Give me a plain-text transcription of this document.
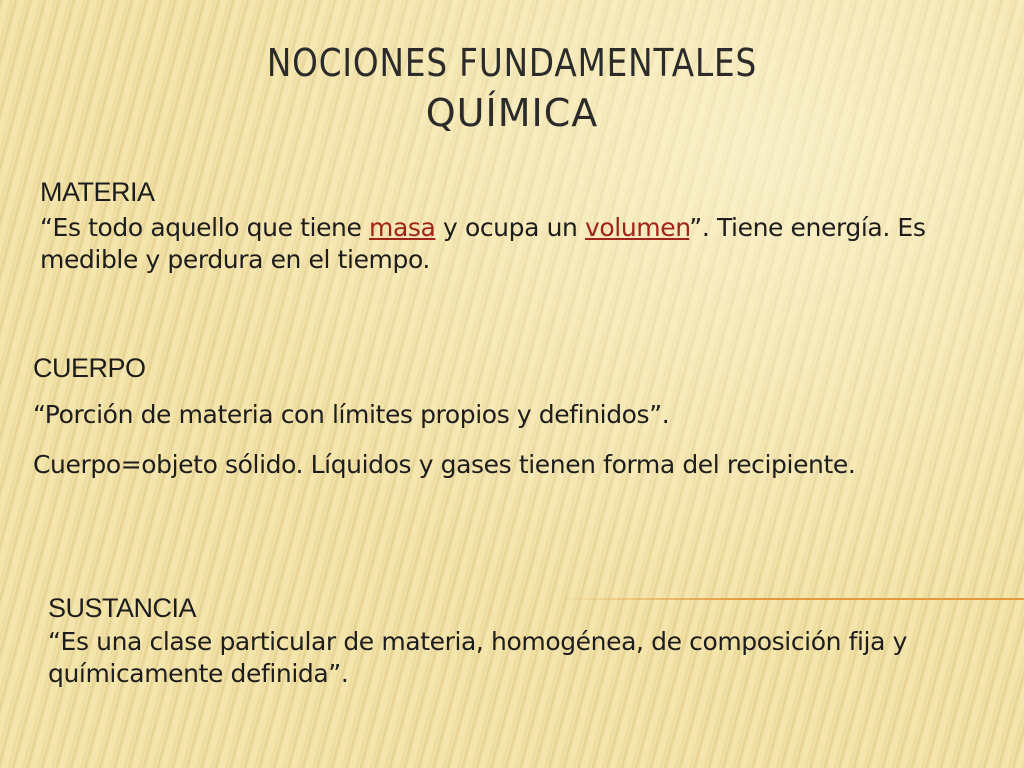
NOCIONES FUNDAMENTALES
QUÍMICA
MATERIA
“Es todo aquello que tiene masa y ocupa un volumen”. Tiene energía. Es medible y perdura en el tiempo.
CUERPO
“Porción de materia con límites propios y definidos”.
Cuerpo=objeto sólido. Líquidos y gases tienen forma del recipiente.
SUSTANCIA
“Es una clase particular de materia, homogénea, de composición fija y químicamente definida”.
